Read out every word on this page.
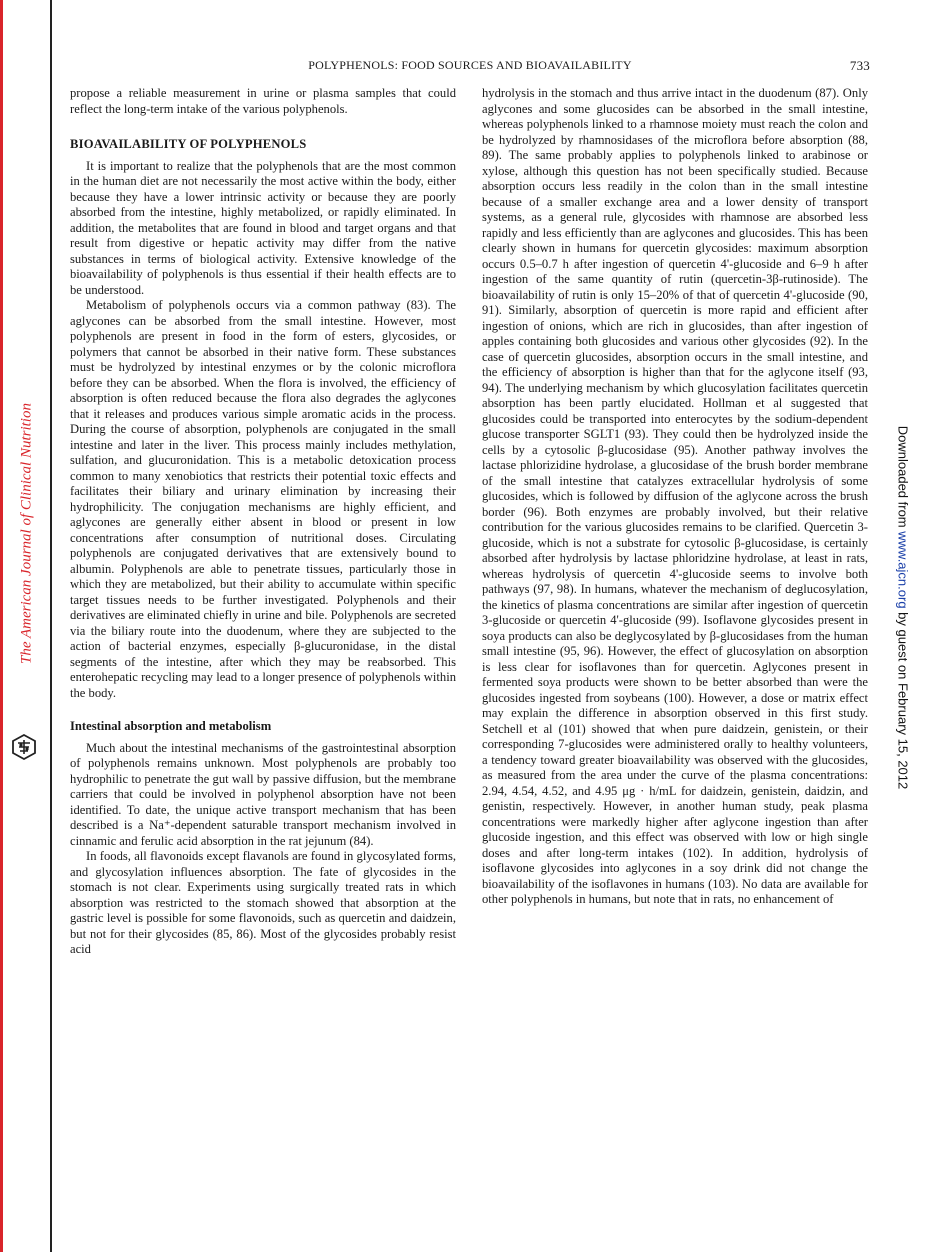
The American Journal of Clinical Nutrition	Downloaded from www.ajcn.org by guest on February 15, 2012
POLYPHENOLS: FOOD SOURCES AND BIOAVAILABILITY	733

propose a reliable measurement in urine or plasma samples that could reflect the long-term intake of the various polyphenols.

BIOAVAILABILITY OF POLYPHENOLS

It is important to realize that the polyphenols that are the most common in the human diet are not necessarily the most active within the body, either because they have a lower intrinsic activity or because they are poorly absorbed from the intestine, highly metabolized, or rapidly eliminated. In addition, the metabolites that are found in blood and target organs and that result from digestive or hepatic activity may differ from the native substances in terms of biological activity. Extensive knowledge of the bioavailability of polyphenols is thus essential if their health effects are to be understood.

Metabolism of polyphenols occurs via a common pathway (83). The aglycones can be absorbed from the small intestine. However, most polyphenols are present in food in the form of esters, glycosides, or polymers that cannot be absorbed in their native form. These substances must be hydrolyzed by intestinal enzymes or by the colonic microflora before they can be absorbed. When the flora is involved, the efficiency of absorption is often reduced because the flora also degrades the aglycones that it releases and produces various simple aromatic acids in the process. During the course of absorption, polyphenols are conjugated in the small intestine and later in the liver. This process mainly includes methylation, sulfation, and glucuronidation. This is a metabolic detoxication process common to many xenobiotics that restricts their potential toxic effects and facilitates their biliary and urinary elimination by increasing their hydrophilicity. The conjugation mechanisms are highly efficient, and aglycones are generally either absent in blood or present in low concentrations after consumption of nutritional doses. Circulating polyphenols are conjugated derivatives that are extensively bound to albumin. Polyphenols are able to penetrate tissues, particularly those in which they are metabolized, but their ability to accumulate within specific target tissues needs to be further investigated. Polyphenols and their derivatives are eliminated chiefly in urine and bile. Polyphenols are secreted via the biliary route into the duodenum, where they are subjected to the action of bacterial enzymes, especially β-glucuronidase, in the distal segments of the intestine, after which they may be reabsorbed. This enterohepatic recycling may lead to a longer presence of polyphenols within the body.

Intestinal absorption and metabolism

Much about the intestinal mechanisms of the gastrointestinal absorption of polyphenols remains unknown. Most polyphenols are probably too hydrophilic to penetrate the gut wall by passive diffusion, but the membrane carriers that could be involved in polyphenol absorption have not been identified. To date, the unique active transport mechanism that has been described is a Na⁺-dependent saturable transport mechanism involved in cinnamic and ferulic acid absorption in the rat jejunum (84).

In foods, all flavonoids except flavanols are found in glycosylated forms, and glycosylation influences absorption. The fate of glycosides in the stomach is not clear. Experiments using surgically treated rats in which absorption was restricted to the stomach showed that absorption at the gastric level is possible for some flavonoids, such as quercetin and daidzein, but not for their glycosides (85, 86). Most of the glycosides probably resist acid

hydrolysis in the stomach and thus arrive intact in the duodenum (87). Only aglycones and some glucosides can be absorbed in the small intestine, whereas polyphenols linked to a rhamnose moiety must reach the colon and be hydrolyzed by rhamnosidases of the microflora before absorption (88, 89). The same probably applies to polyphenols linked to arabinose or xylose, although this question has not been specifically studied. Because absorption occurs less readily in the colon than in the small intestine because of a smaller exchange area and a lower density of transport systems, as a general rule, glycosides with rhamnose are absorbed less rapidly and less efficiently than are aglycones and glucosides. This has been clearly shown in humans for quercetin glycosides: maximum absorption occurs 0.5–0.7 h after ingestion of quercetin 4'-glucoside and 6–9 h after ingestion of the same quantity of rutin (quercetin-3β-rutinoside). The bioavailability of rutin is only 15–20% of that of quercetin 4'-glucoside (90, 91). Similarly, absorption of quercetin is more rapid and efficient after ingestion of onions, which are rich in glucosides, than after ingestion of apples containing both glucosides and various other glycosides (92). In the case of quercetin glucosides, absorption occurs in the small intestine, and the efficiency of absorption is higher than that for the aglycone itself (93, 94). The underlying mechanism by which glucosylation facilitates quercetin absorption has been partly elucidated. Hollman et al suggested that glucosides could be transported into enterocytes by the sodium-dependent glucose transporter SGLT1 (93). They could then be hydrolyzed inside the cells by a cytosolic β-glucosidase (95). Another pathway involves the lactase phlorizidine hydrolase, a glucosidase of the brush border membrane of the small intestine that catalyzes extracellular hydrolysis of some glucosides, which is followed by diffusion of the aglycone across the brush border (96). Both enzymes are probably involved, but their relative contribution for the various glucosides remains to be clarified. Quercetin 3-glucoside, which is not a substrate for cytosolic β-glucosidase, is certainly absorbed after hydrolysis by lactase phloridzine hydrolase, at least in rats, whereas hydrolysis of quercetin 4'-glucoside seems to involve both pathways (97, 98). In humans, whatever the mechanism of deglucosylation, the kinetics of plasma concentrations are similar after ingestion of quercetin 3-glucoside or quercetin 4'-glucoside (99). Isoflavone glycosides present in soya products can also be deglycosylated by β-glucosidases from the human small intestine (95, 96). However, the effect of glucosylation on absorption is less clear for isoflavones than for quercetin. Aglycones present in fermented soya products were shown to be better absorbed than were the glucosides ingested from soybeans (100). However, a dose or matrix effect may explain the difference in absorption observed in this first study. Setchell et al (101) showed that when pure daidzein, genistein, or their corresponding 7-glucosides were administered orally to healthy volunteers, a tendency toward greater bioavailability was observed with the glucosides, as measured from the area under the curve of the plasma concentrations: 2.94, 4.54, 4.52, and 4.95 μg · h/mL for daidzein, genistein, daidzin, and genistin, respectively. However, in another human study, peak plasma concentrations were markedly higher after aglycone ingestion than after glucoside ingestion, and this effect was observed with low or high single doses and after long-term intakes (102). In addition, hydrolysis of isoflavone glycosides into aglycones in a soy drink did not change the bioavailability of the isoflavones in humans (103). No data are available for other polyphenols in humans, but note that in rats, no enhancement of
